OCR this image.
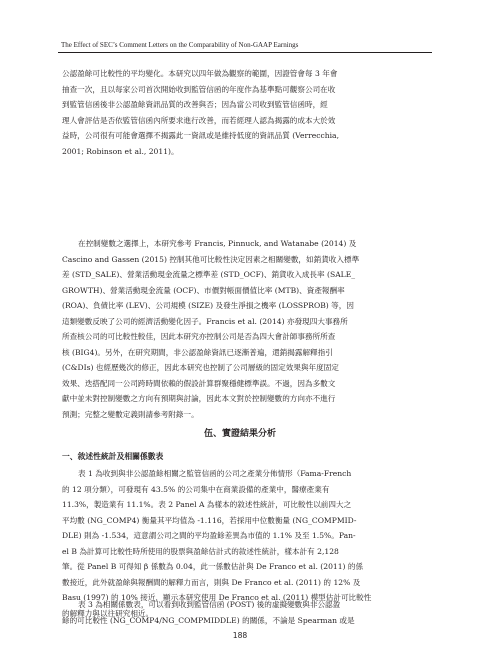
The Effect of SEC’s Comment Letters on the Comparability of Non-GAAP Earnings
公認盈餘可比較性的平均變化。本研究以四年做為觀察的範圍，因證管會每 3 年會
抽查一次，且以每家公司首次開始收到監管信函的年度作為基準點可觀察公司在收
到監管信函後非公認盈餘資訊品質的改善與否；因為當公司收到監管信函時，經
理人會評估是否依監管信函內所要求進行改善，而若經理人認為揭露的成本大於效
益時，公司很有可能會選擇不揭露此一資訊或是維持低度的資訊品質 (Verrecchia,
2001; Robinson et al., 2011)。
在控制變數之選擇上，本研究參考 Francis, Pinnuck, and Watanabe (2014) 及
Cascino and Gassen (2015) 控制其他可比較性決定因素之相關變數，如銷貨收入標準
差 (STD_SALE)、營業活動現金流量之標準差 (STD_OCF)、銷貨收入成長率 (SALE_
GROWTH)、營業活動現金流量 (OCF)、市價對帳面價值比率 (MTB)、資產報酬率
(ROA)、負債比率 (LEV)、公司規模 (SIZE) 及發生淨損之機率 (LOSSPROB) 等，因
這類變數反映了公司的經濟活動變化因子。Francis et al. (2014) 亦發現四大事務所
所查核公司的可比較性較佳，因此本研究亦控制公司是否為四大會計師事務所所查
核 (BIG4)。另外，在研究期間，非公認盈餘資訊已逐漸普遍，還銷揭露解釋指引
(C&DIs) 也經歷幾次的修正，因此本研究也控制了公司層級的固定效果與年度固定
效果、迭搭配同一公司跨時間依賴的假設計算群聚穩健標準誤。不過，因為多數文
獻中並未對控制變數之方向有預期與討論，因此本文對於控制變數的方向亦不進行
預測；完整之變數定義則請參考附錄一。
伍、實證結果分析
一、敘述性統計及相關係數表
表 1 為收到與非公認盈餘相關之監管信函的公司之產業分佈情形（Fama-French
的 12 項分類），可發現有 43.5% 的公司集中在商業設備的產業中，醫療產業有
11.3%，製造業有 11.1%。表 2 Panel A 為樣本的敘述性統計，可比較性以前四大之
平均數 (NG_COMP4) 衡量其平均值為 -1.116，若採用中位數衡量 (NG_COMPMID-
DLE) 則為 -1.534，這意謂公司之間的平均盈餘差異為市值的 1.1% 及至 1.5%。Pan-
el B 為計算可比較性時所使用的股票與盈餘估計式的敘述性統計，樣本計有 2,128
筆。從 Panel B 可得知 β 係數為 0.04，此一係數估計與 De Franco et al. (2011) 的係
數接近，此外就盈餘與報酬間的解釋力而言，則與 De Franco et al. (2011) 的 12% 及
Basu (1997) 的 10% 接近，顯示本研究使用 De Franco et al. (2011) 模型估計可比較性
的解釋力與以往研究相近。
表 3 為相關係數表，可以看到收到監管信函 (POST) 後的虛擬變數與非公認盈
餘的可比較性 (NG_COMP4/NG_COMPMIDDLE) 的關係，不論是 Spearman 或是
188
